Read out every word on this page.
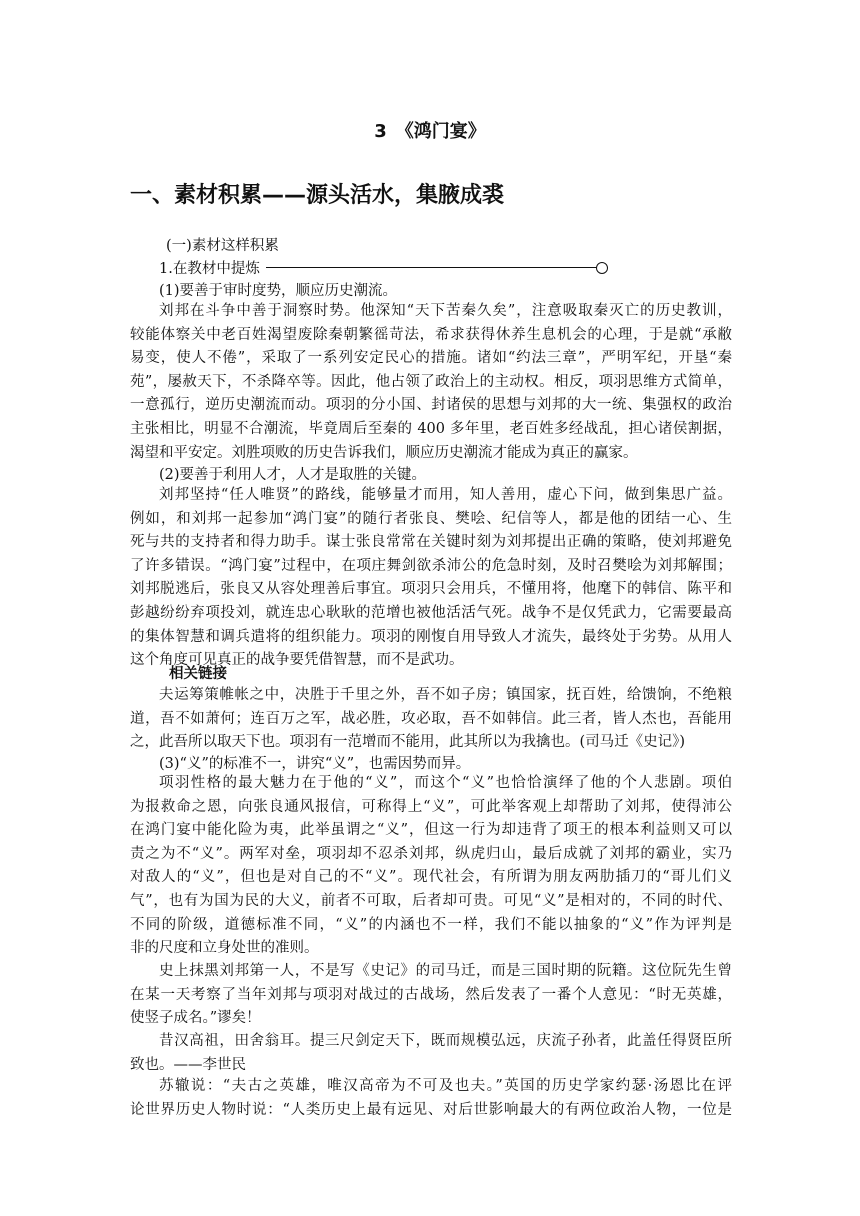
3　《鸿门宴》
一、素材积累——源头活水，集腋成裘
(一)素材这样积累
1.在教材中提炼
(1)要善于审时度势，顺应历史潮流。
刘邦在斗争中善于洞察时势。他深知“天下苦秦久矣”，注意吸取秦灭亡的历史教训，
较能体察关中老百姓渴望废除秦朝繁徭苛法，希求获得休养生息机会的心理，于是就“承敝
易变，使人不倦”，采取了一系列安定民心的措施。诸如“约法三章”，严明军纪，开垦“秦
苑”，屡赦天下，不杀降卒等。因此，他占领了政治上的主动权。相反，项羽思维方式简单，
一意孤行，逆历史潮流而动。项羽的分小国、封诸侯的思想与刘邦的大一统、集强权的政治
主张相比，明显不合潮流，毕竟周后至秦的 400 多年里，老百姓多经战乱，担心诸侯割据，
渴望和平安定。刘胜项败的历史告诉我们，顺应历史潮流才能成为真正的赢家。
(2)要善于利用人才，人才是取胜的关键。
刘邦坚持“任人唯贤”的路线，能够量才而用，知人善用，虚心下问，做到集思广益。
例如，和刘邦一起参加“鸿门宴”的随行者张良、樊哙、纪信等人，都是他的团结一心、生
死与共的支持者和得力助手。谋士张良常常在关键时刻为刘邦提出正确的策略，使刘邦避免
了许多错误。“鸿门宴”过程中，在项庄舞剑欲杀沛公的危急时刻，及时召樊哙为刘邦解围；
刘邦脱逃后，张良又从容处理善后事宜。项羽只会用兵，不懂用将，他麾下的韩信、陈平和
彭越纷纷弃项投刘，就连忠心耿耿的范增也被他活活气死。战争不是仅凭武力，它需要最高
的集体智慧和调兵遣将的组织能力。项羽的刚愎自用导致人才流失，最终处于劣势。从用人
这个角度可见真正的战争要凭借智慧，而不是武功。
相关链接
夫运筹策帷帐之中，决胜于千里之外，吾不如子房；镇国家，抚百姓，给馈饷，不绝粮
道，吾不如萧何；连百万之军，战必胜，攻必取，吾不如韩信。此三者，皆人杰也，吾能用
之，此吾所以取天下也。项羽有一范增而不能用，此其所以为我擒也。(司马迁《史记》)
(3)“义”的标准不一，讲究“义”，也需因势而异。
项羽性格的最大魅力在于他的“义”，而这个“义”也恰恰演绎了他的个人悲剧。项伯
为报救命之恩，向张良通风报信，可称得上“义”，可此举客观上却帮助了刘邦，使得沛公
在鸿门宴中能化险为夷，此举虽谓之“义”，但这一行为却违背了项王的根本利益则又可以
责之为不“义”。两军对垒，项羽却不忍杀刘邦，纵虎归山，最后成就了刘邦的霸业，实乃
对敌人的“义”，但也是对自己的不“义”。现代社会，有所谓为朋友两肋插刀的“哥儿们义
气”，也有为国为民的大义，前者不可取，后者却可贵。可见“义”是相对的，不同的时代、
不同的阶级，道德标准不同，“义”的内涵也不一样，我们不能以抽象的“义”作为评判是
非的尺度和立身处世的准则。
史上抹黑刘邦第一人，不是写《史记》的司马迁，而是三国时期的阮籍。这位阮先生曾
在某一天考察了当年刘邦与项羽对战过的古战场，然后发表了一番个人意见：“时无英雄，
使竖子成名。”谬矣！
昔汉高祖，田舍翁耳。提三尺剑定天下，既而规模弘远，庆流子孙者，此盖任得贤臣所
致也。——李世民
苏辙说：“夫古之英雄，唯汉高帝为不可及也夫。”英国的历史学家约瑟·汤恩比在评
论世界历史人物时说：“人类历史上最有远见、对后世影响最大的有两位政治人物，一位是
